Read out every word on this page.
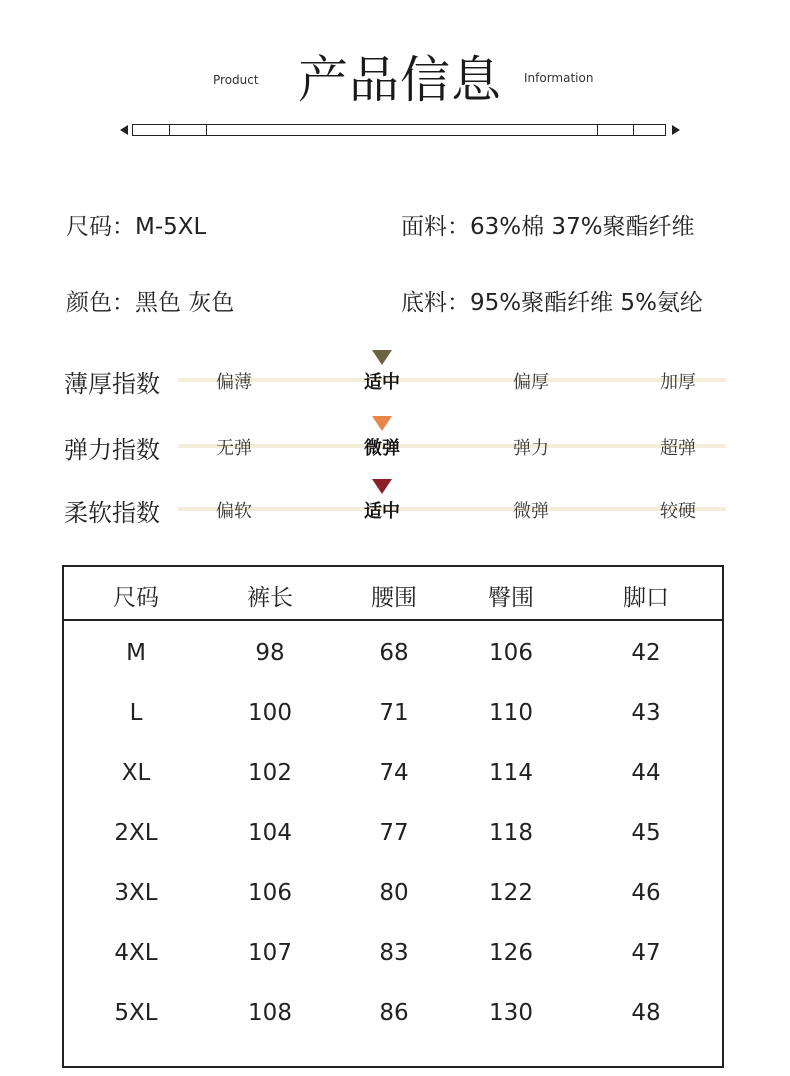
Product 产品信息 Information
尺码：M-5XL	面料：63%棉 37%聚酯纤维
颜色：黑色 灰色	底料：95%聚酯纤维 5%氨纶
薄厚指数	偏薄	适中	偏厚	加厚
弹力指数	无弹	微弹	弹力	超弹
柔软指数	偏软	适中	微弹	较硬
尺码	裤长	腰围	臀围	脚口
M	98	68	106	42
L	100	71	110	43
XL	102	74	114	44
2XL	104	77	118	45
3XL	106	80	122	46
4XL	107	83	126	47
5XL	108	86	130	48
